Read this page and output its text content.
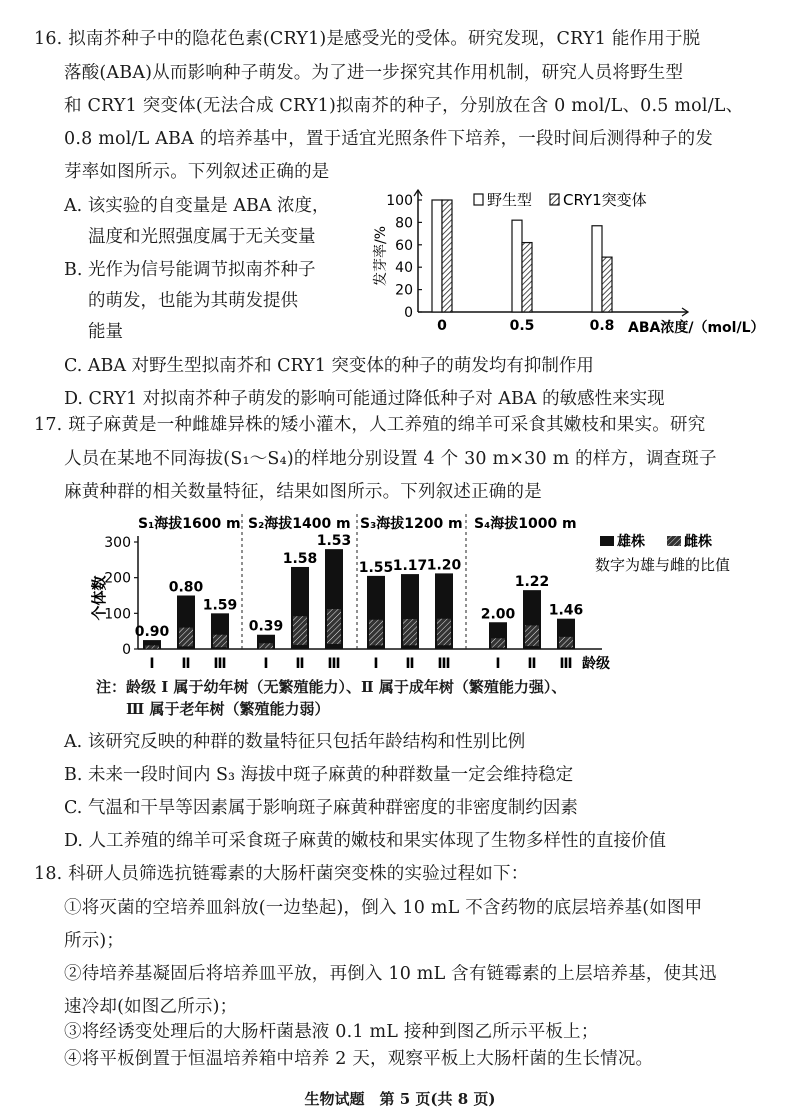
16. 拟南芥种子中的隐花色素(CRY1)是感受光的受体。研究发现，CRY1 能作用于脱
落酸(ABA)从而影响种子萌发。为了进一步探究其作用机制，研究人员将野生型
和 CRY1 突变体(无法合成 CRY1)拟南芥的种子，分别放在含 0 mol/L、0.5 mol/L、
0.8 mol/L ABA 的培养基中，置于适宜光照条件下培养，一段时间后测得种子的发
芽率如图所示。下列叙述正确的是
A. 该实验的自变量是 ABA 浓度，
温度和光照强度属于无关变量
B. 光作为信号能调节拟南芥种子
的萌发，也能为其萌发提供
能量
C. ABA 对野生型拟南芥和 CRY1 突变体的种子的萌发均有抑制作用
D. CRY1 对拟南芥种子萌发的影响可能通过降低种子对 ABA 的敏感性来实现
0
20
40
60
80
100
发芽率/%
0	0.5	0.8 ABA浓度/（mol/L）
野生型 CRY1突变体
17. 斑子麻黄是一种雌雄异株的矮小灌木，人工养殖的绵羊可采食其嫩枝和果实。研究
人员在某地不同海拔(S₁～S₄)的样地分别设置 4 个 30 m×30 m 的样方，调查斑子
麻黄种群的相关数量特征，结果如图所示。下列叙述正确的是
0
100
200
300
个体数
S₁海拔1600 m
0.90
Ⅰ
0.80
Ⅱ
1.59
Ⅲ
S₂海拔1400 m
0.39
Ⅰ
1.58
Ⅱ
1.53
Ⅲ
S₃海拔1200 m
1.55
Ⅰ
1.17
Ⅱ
1.20
Ⅲ
S₄海拔1000 m
2.00
Ⅰ
1.22
Ⅱ
1.46
Ⅲ 龄级
雄株	雌株
数字为雄与雌的比值
注：龄级 Ⅰ 属于幼年树（无繁殖能力）、Ⅱ 属于成年树（繁殖能力强）、
Ⅲ 属于老年树（繁殖能力弱）
A. 该研究反映的种群的数量特征只包括年龄结构和性别比例
B. 未来一段时间内 S₃ 海拔中斑子麻黄的种群数量一定会维持稳定
C. 气温和干旱等因素属于影响斑子麻黄种群密度的非密度制约因素
D. 人工养殖的绵羊可采食斑子麻黄的嫩枝和果实体现了生物多样性的直接价值
18. 科研人员筛选抗链霉素的大肠杆菌突变株的实验过程如下：
①将灭菌的空培养皿斜放(一边垫起)，倒入 10 mL 不含药物的底层培养基(如图甲
所示)；
②待培养基凝固后将培养皿平放，再倒入 10 mL 含有链霉素的上层培养基，使其迅
速冷却(如图乙所示)；
③将经诱变处理后的大肠杆菌悬液 0.1 mL 接种到图乙所示平板上；
④将平板倒置于恒温培养箱中培养 2 天，观察平板上大肠杆菌的生长情况。
生物试题　第 5 页(共 8 页)
